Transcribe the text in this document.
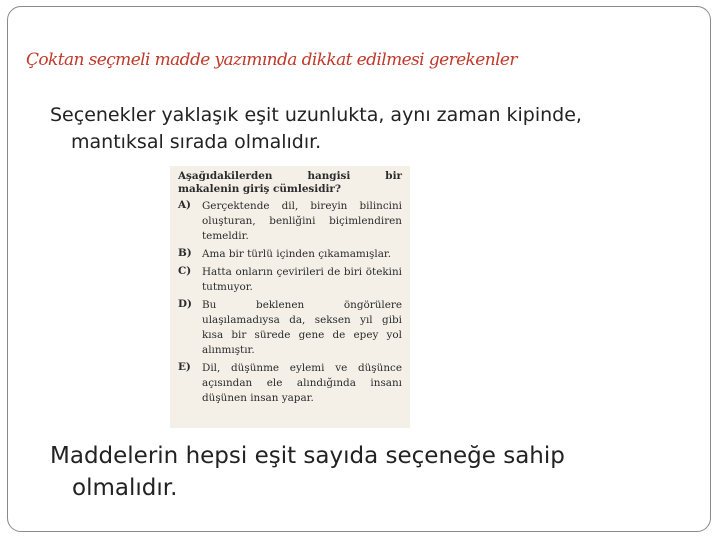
Çoktan seçmeli madde yazımında dikkat edilmesi gerekenler
Seçenekler yaklaşık eşit uzunlukta, aynı zaman kipinde,
mantıksal sırada olmalıdır.
Aşağıdakilerden hangisi bir
makalenin giriş cümlesidir?
A)	Gerçektende dil, bireyin bilincini oluşturan, benliğini biçimlendiren temeldir.
B) Ama bir türlü içinden çıkamamışlar.
C)	Hatta onların çevirileri de biri ötekini tutmuyor.
D) Bu beklenen öngörülere ulaşılamadıysa da, seksen yıl gibi kısa bir sürede gene de epey yol alınmıştır.
E)	Dil, düşünme eylemi ve düşünce açısından ele alındığında insanı düşünen insan yapar.
Maddelerin hepsi eşit sayıda seçeneğe sahip
olmalıdır.
